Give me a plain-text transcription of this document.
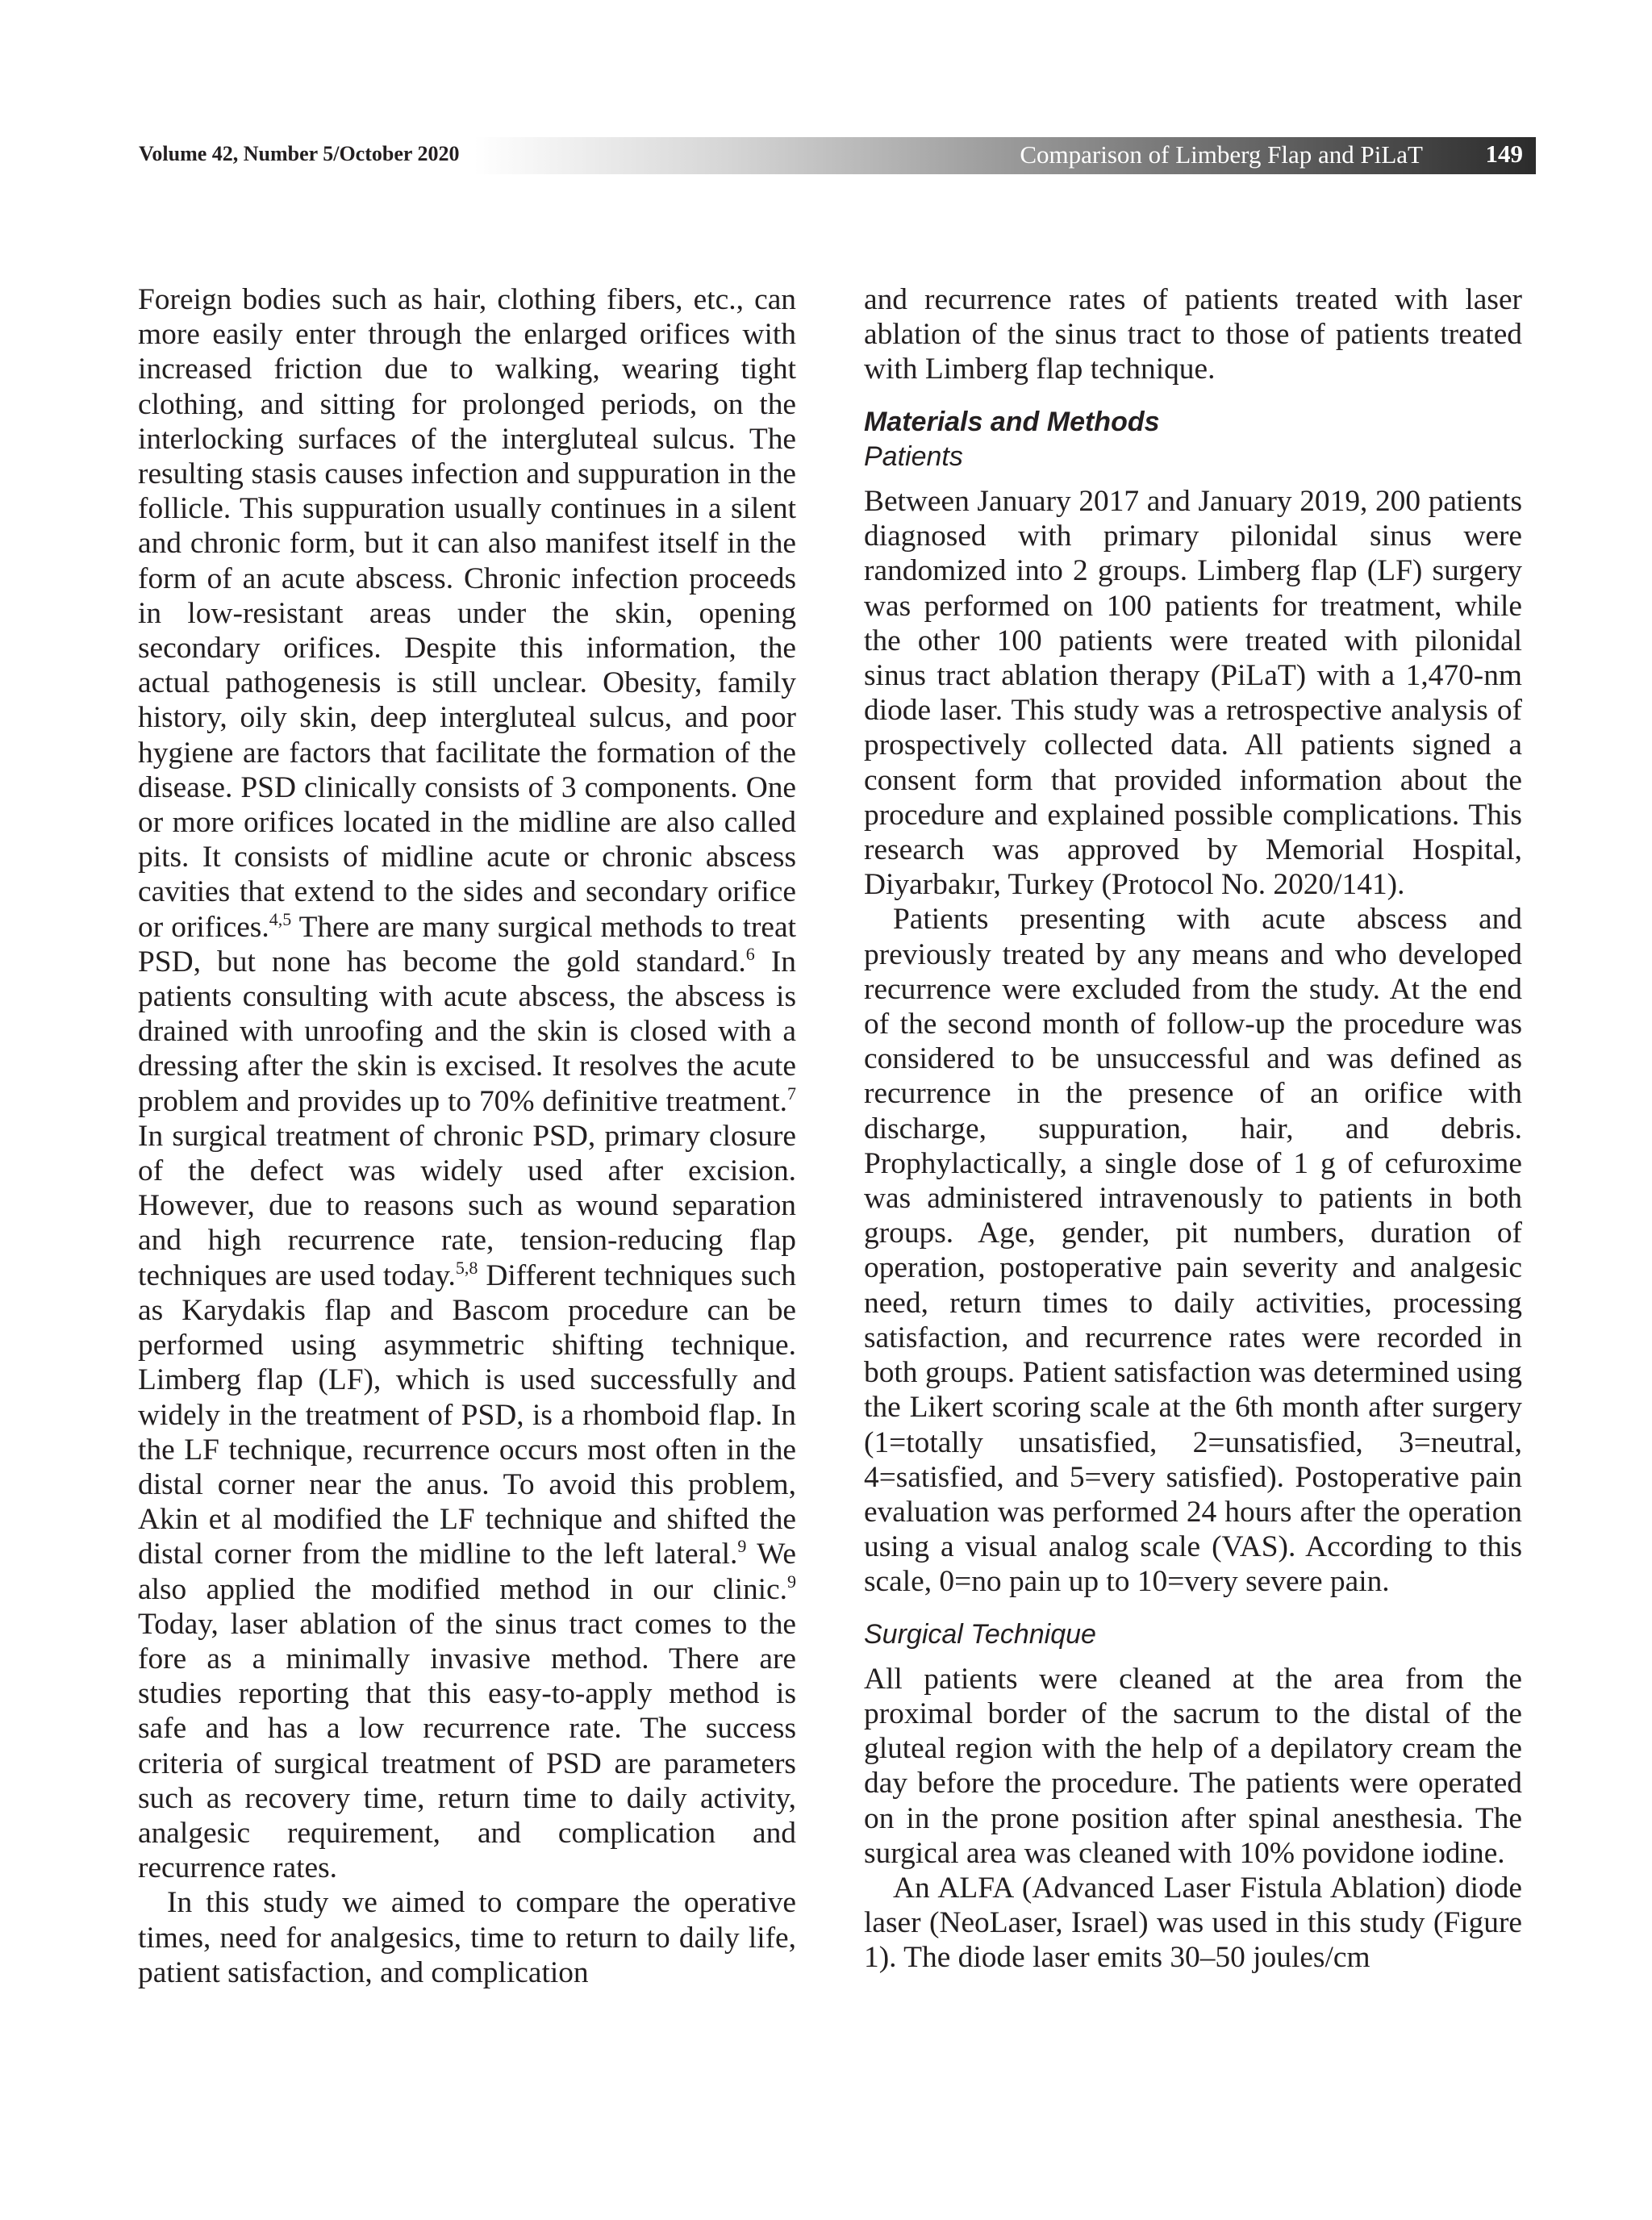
Volume 42, Number 5/October 2020	Comparison of Limberg Flap and PiLaT	149

Foreign bodies such as hair, clothing fibers, etc., can more easily enter through the enlarged orifices with increased friction due to walking, wearing tight clothing, and sitting for prolonged periods, on the interlocking surfaces of the intergluteal sulcus. The resulting stasis causes infection and suppuration in the follicle. This suppuration usually continues in a silent and chronic form, but it can also manifest itself in the form of an acute abscess. Chronic infection proceeds in low-resistant areas under the skin, opening secondary orifices. Despite this information, the actual pathogenesis is still unclear. Obesity, family history, oily skin, deep intergluteal sulcus, and poor hygiene are factors that facilitate the formation of the disease. PSD clinically consists of 3 components. One or more orifices located in the midline are also called pits. It consists of midline acute or chronic abscess cavities that extend to the sides and secondary orifice or orifices.$^{4,5}$ There are many surgical methods to treat PSD, but none has become the gold standard.$^6$ In patients consulting with acute abscess, the abscess is drained with unroofing and the skin is closed with a dressing after the skin is excised. It resolves the acute problem and provides up to 70% definitive treatment.$^7$ In surgical treatment of chronic PSD, primary closure of the defect was widely used after excision. However, due to reasons such as wound separation and high recurrence rate, tension-reducing flap techniques are used today.$^{5,8}$ Different techniques such as Karydakis flap and Bascom procedure can be performed using asymmetric shifting technique. Limberg flap (LF), which is used successfully and widely in the treatment of PSD, is a rhomboid flap. In the LF technique, recurrence occurs most often in the distal corner near the anus. To avoid this problem, Akin et al modified the LF technique and shifted the distal corner from the midline to the left lateral.$^9$ We also applied the modified method in our clinic.$^9$ Today, laser ablation of the sinus tract comes to the fore as a minimally invasive method. There are studies reporting that this easy-to-apply method is safe and has a low recurrence rate. The success criteria of surgical treatment of PSD are parameters such as recovery time, return time to daily activity, analgesic requirement, and complication and recurrence rates.

In this study we aimed to compare the operative times, need for analgesics, time to return to daily life, patient satisfaction, and complication

and recurrence rates of patients treated with laser ablation of the sinus tract to those of patients treated with Limberg flap technique.

Materials and Methods
Patients

Between January 2017 and January 2019, 200 patients diagnosed with primary pilonidal sinus were randomized into 2 groups. Limberg flap (LF) surgery was performed on 100 patients for treatment, while the other 100 patients were treated with pilonidal sinus tract ablation therapy (PiLaT) with a 1,470-nm diode laser. This study was a retrospective analysis of prospectively collected data. All patients signed a consent form that provided information about the procedure and explained possible complications. This research was approved by Memorial Hospital, Diyarbakır, Turkey (Protocol No. 2020/141).

Patients presenting with acute abscess and previously treated by any means and who developed recurrence were excluded from the study. At the end of the second month of follow-up the procedure was considered to be unsuccessful and was defined as recurrence in the presence of an orifice with discharge, suppuration, hair, and debris. Prophylactically, a single dose of 1 g of cefuroxime was administered intravenously to patients in both groups. Age, gender, pit numbers, duration of operation, postoperative pain severity and analgesic need, return times to daily activities, processing satisfaction, and recurrence rates were recorded in both groups. Patient satisfaction was determined using the Likert scoring scale at the 6th month after surgery (1=totally unsatisfied, 2=unsatisfied, 3=neutral, 4=satisfied, and 5=very satisfied). Postoperative pain evaluation was performed 24 hours after the operation using a visual analog scale (VAS). According to this scale, 0=no pain up to 10=very severe pain.

Surgical Technique

All patients were cleaned at the area from the proximal border of the sacrum to the distal of the gluteal region with the help of a depilatory cream the day before the procedure. The patients were operated on in the prone position after spinal anesthesia. The surgical area was cleaned with 10% povidone iodine.

An ALFA (Advanced Laser Fistula Ablation) diode laser (NeoLaser, Israel) was used in this study (Figure 1). The diode laser emits 30–50 joules/cm
